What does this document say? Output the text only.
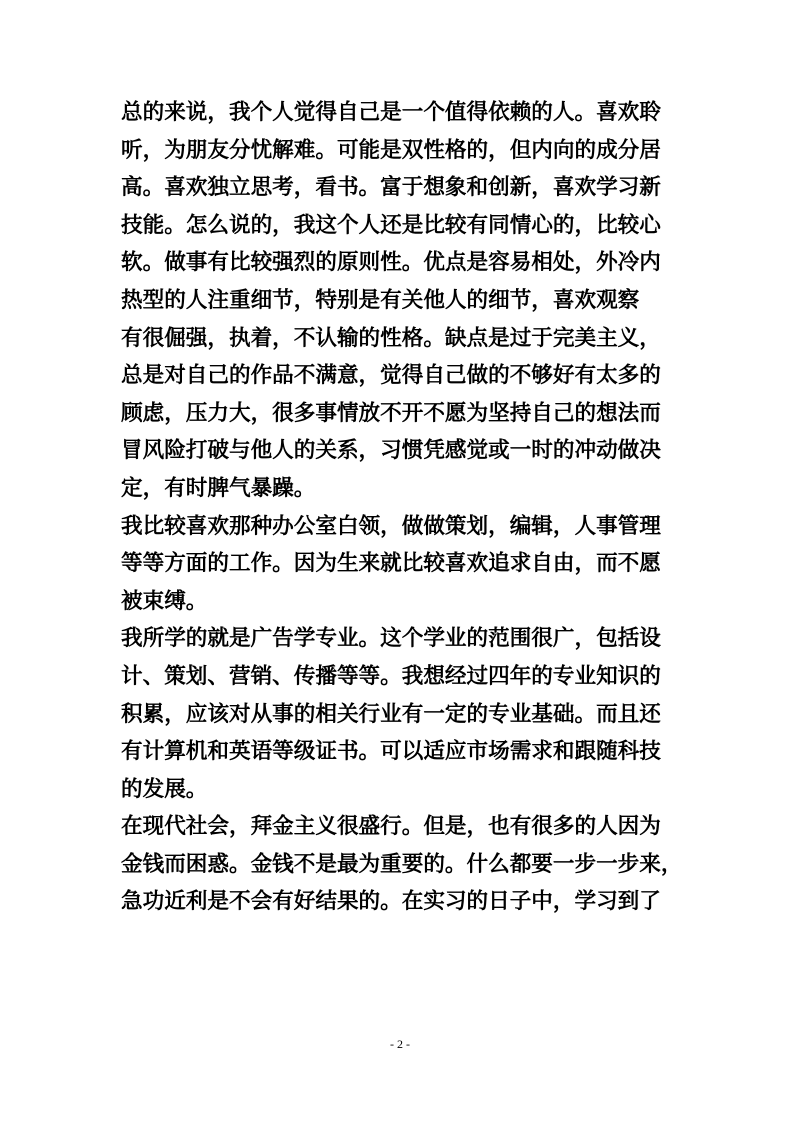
总的来说，我个人觉得自己是一个值得依赖的人。喜欢聆
听，为朋友分忧解难。可能是双性格的，但内向的成分居
高。喜欢独立思考，看书。富于想象和创新，喜欢学习新
技能。怎么说的，我这个人还是比较有同情心的，比较心
软。做事有比较强烈的原则性。优点是容易相处，外冷内
热型的人注重细节，特别是有关他人的细节，喜欢观察
有很倔强，执着，不认输的性格。缺点是过于完美主义，
总是对自己的作品不满意，觉得自己做的不够好有太多的
顾虑，压力大，很多事情放不开不愿为坚持自己的想法而
冒风险打破与他人的关系，习惯凭感觉或一时的冲动做决
定，有时脾气暴躁。
我比较喜欢那种办公室白领，做做策划，编辑，人事管理
等等方面的工作。因为生来就比较喜欢追求自由，而不愿
被束缚。
我所学的就是广告学专业。这个学业的范围很广，包括设
计、策划、营销、传播等等。我想经过四年的专业知识的
积累，应该对从事的相关行业有一定的专业基础。而且还
有计算机和英语等级证书。可以适应市场需求和跟随科技
的发展。
在现代社会，拜金主义很盛行。但是，也有很多的人因为
金钱而困惑。金钱不是最为重要的。什么都要一步一步来，
急功近利是不会有好结果的。在实习的日子中，学习到了
- 2 -
